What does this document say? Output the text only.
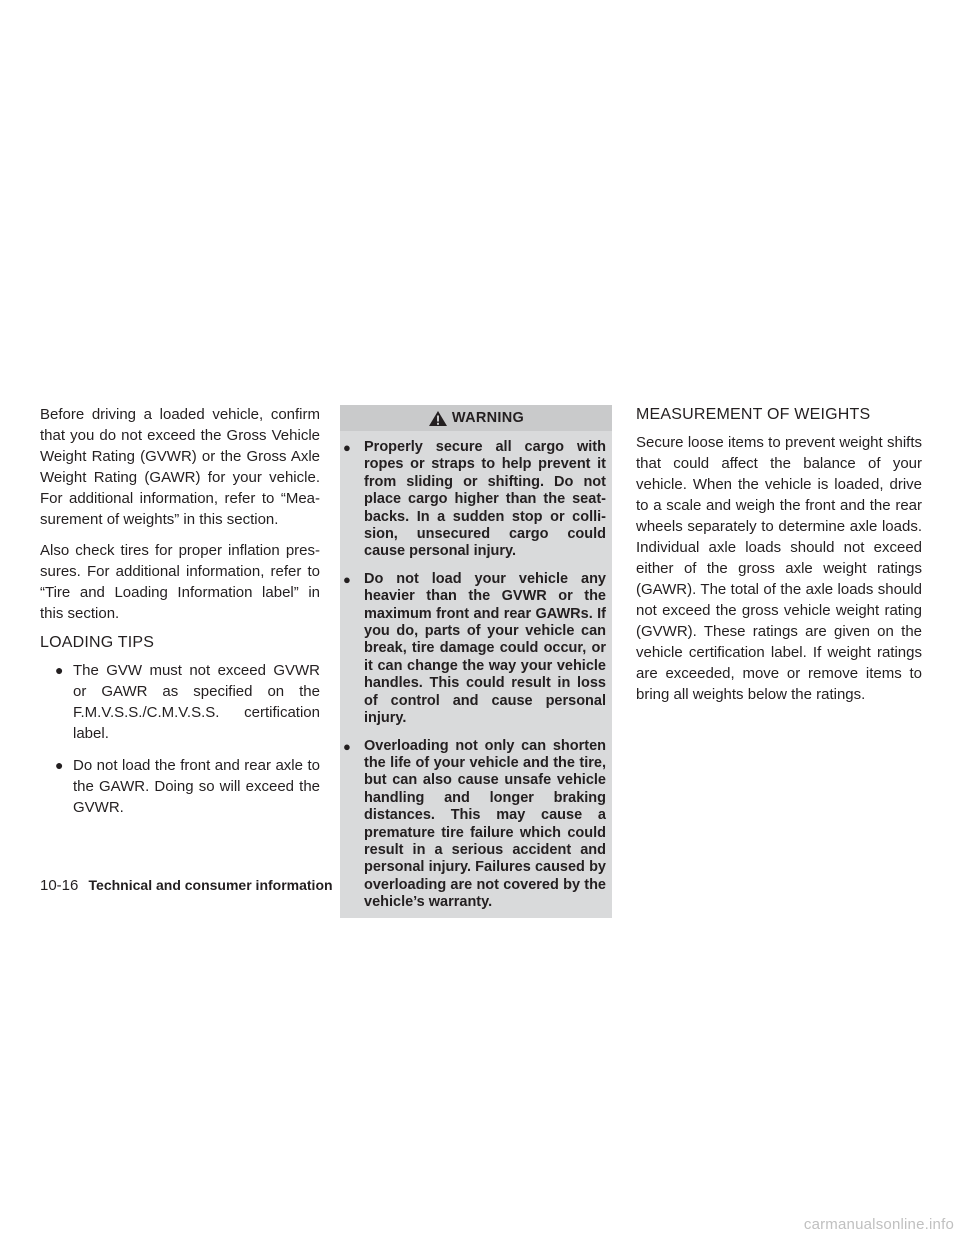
Before driving a loaded vehicle, confirm that you do not exceed the Gross Vehicle Weight Rating (GVWR) or the Gross Axle Weight Rating (GAWR) for your vehicle. For additional information, refer to “Measurement of weights” in this section.

Also check tires for proper inflation pressures. For additional information, refer to “Tire and Loading Information label” in this section.

LOADING TIPS
● The GVW must not exceed GVWR or GAWR as specified on the F.M.V.S.S./C.M.V.S.S. certification label.
● Do not load the front and rear axle to the GAWR. Doing so will exceed the GVWR.
WARNING
● Properly secure all cargo with ropes or straps to help prevent it from sliding or shifting. Do not place cargo higher than the seatbacks. In a sudden stop or collision, unsecured cargo could cause personal injury.
● Do not load your vehicle any heavier than the GVWR or the maximum front and rear GAWRs. If you do, parts of your vehicle can break, tire damage could occur, or it can change the way your vehicle handles. This could result in loss of control and cause personal injury.
● Overloading not only can shorten the life of your vehicle and the tire, but can also cause unsafe vehicle handling and longer braking distances. This may cause a premature tire failure which could result in a serious accident and personal injury. Failures caused by overloading are not covered by the vehicle’s warranty.
MEASUREMENT OF WEIGHTS

Secure loose items to prevent weight shifts that could affect the balance of your vehicle. When the vehicle is loaded, drive to a scale and weigh the front and the rear wheels separately to determine axle loads. Individual axle loads should not exceed either of the gross axle weight ratings (GAWR). The total of the axle loads should not exceed the gross vehicle weight rating (GVWR). These ratings are given on the vehicle certification label. If weight ratings are exceeded, move or remove items to bring all weights below the ratings.

10-16 Technical and consumer information
carmanualsonline.info
